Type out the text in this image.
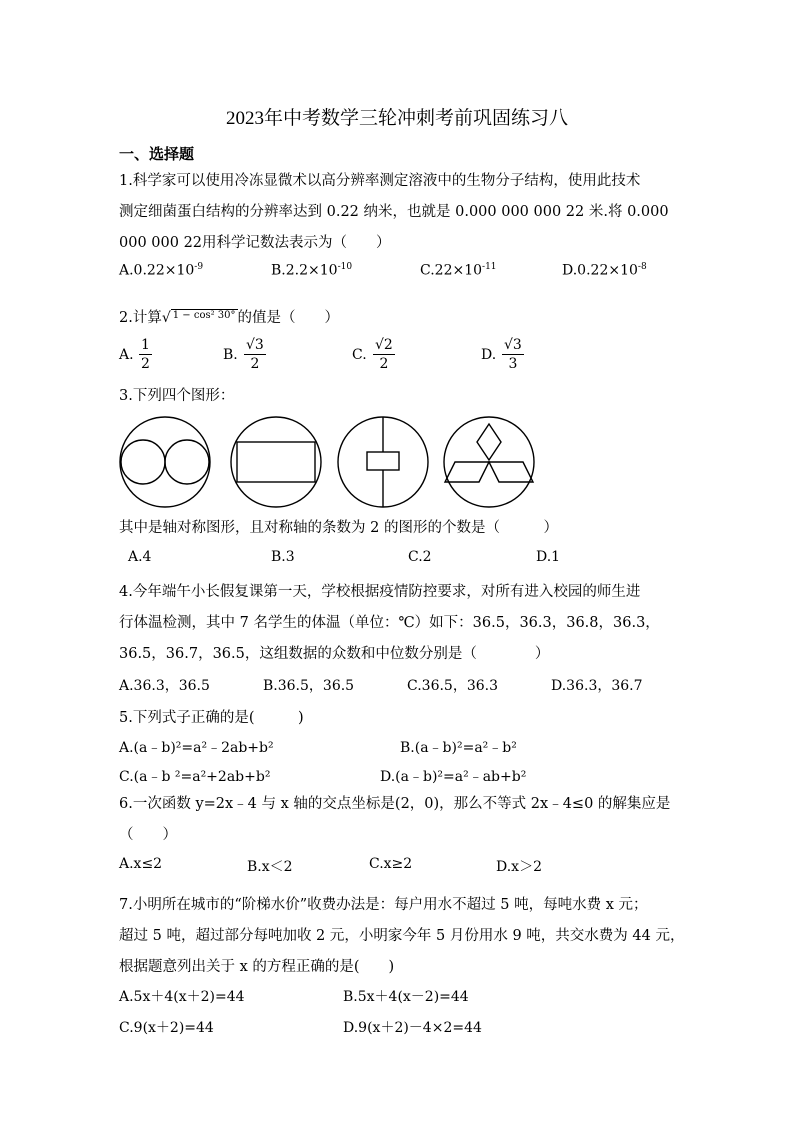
2023年中考数学三轮冲刺考前巩固练习八
一、选择题
1.科学家可以使用冷冻显微术以高分辨率测定溶液中的生物分子结构，使用此技术
测定细菌蛋白结构的分辨率达到 0.22 纳米，也就是 0.000 000 000 22 米.将 0.000
000 000 22用科学记数法表示为（　　）
$A.0.22\times 10^{-9}$	$B.2.2\times 10^{-10}$	$C.22\times 10^{-11}$	$D.0.22\times 10^{-8}$
2.计算√ $^{1 - cos^2 30^\circ}$ 的值是（　　）
A. $\frac{1}{2}$	B. $\frac{√3}{2}$	C. $\frac{√2}{2}$	D. $\frac{√3}{3}$
3.下列四个图形：
其中是轴对称图形，且对称轴的条数为 2 的图形的个数是（　　　）
A.4	B.3	C.2	D.1
4.今年端午小长假复课第一天，学校根据疫情防控要求，对所有进入校园的师生进
行体温检测，其中 7 名学生的体温（单位：℃）如下：36.5，36.3，36.8，36.3，
36.5，36.7，36.5，这组数据的众数和中位数分别是（　　　　）
A.36.3，36.5	B.36.5，36.5	C.36.5，36.3	D.36.3，36.7
5.下列式子正确的是(　　　)
A.(a﹣b)²=a²﹣2ab+b²	B.(a﹣b)²=a²﹣b²
C.(a﹣b ²=a²+2ab+b²	D.(a﹣b)²=a²﹣ab+b²
6.一次函数 y=2x﹣4 与 x 轴的交点坐标是(2，0)，那么不等式 2x﹣4≤0 的解集应是
（　　）
A.x≤2	B.x＜2	C.x≥2	D.x＞2
7.小明所在城市的“阶梯水价”收费办法是：每户用水不超过 5 吨，每吨水费 x 元；
超过 5 吨，超过部分每吨加收 2 元，小明家今年 5 月份用水 9 吨，共交水费为 44 元，
根据题意列出关于 x 的方程正确的是(　　)
A.5x＋4(x＋2)=44	B.5x＋4(x－2)=44
C.9(x＋2)=44	D.9(x＋2)－4×2=44
